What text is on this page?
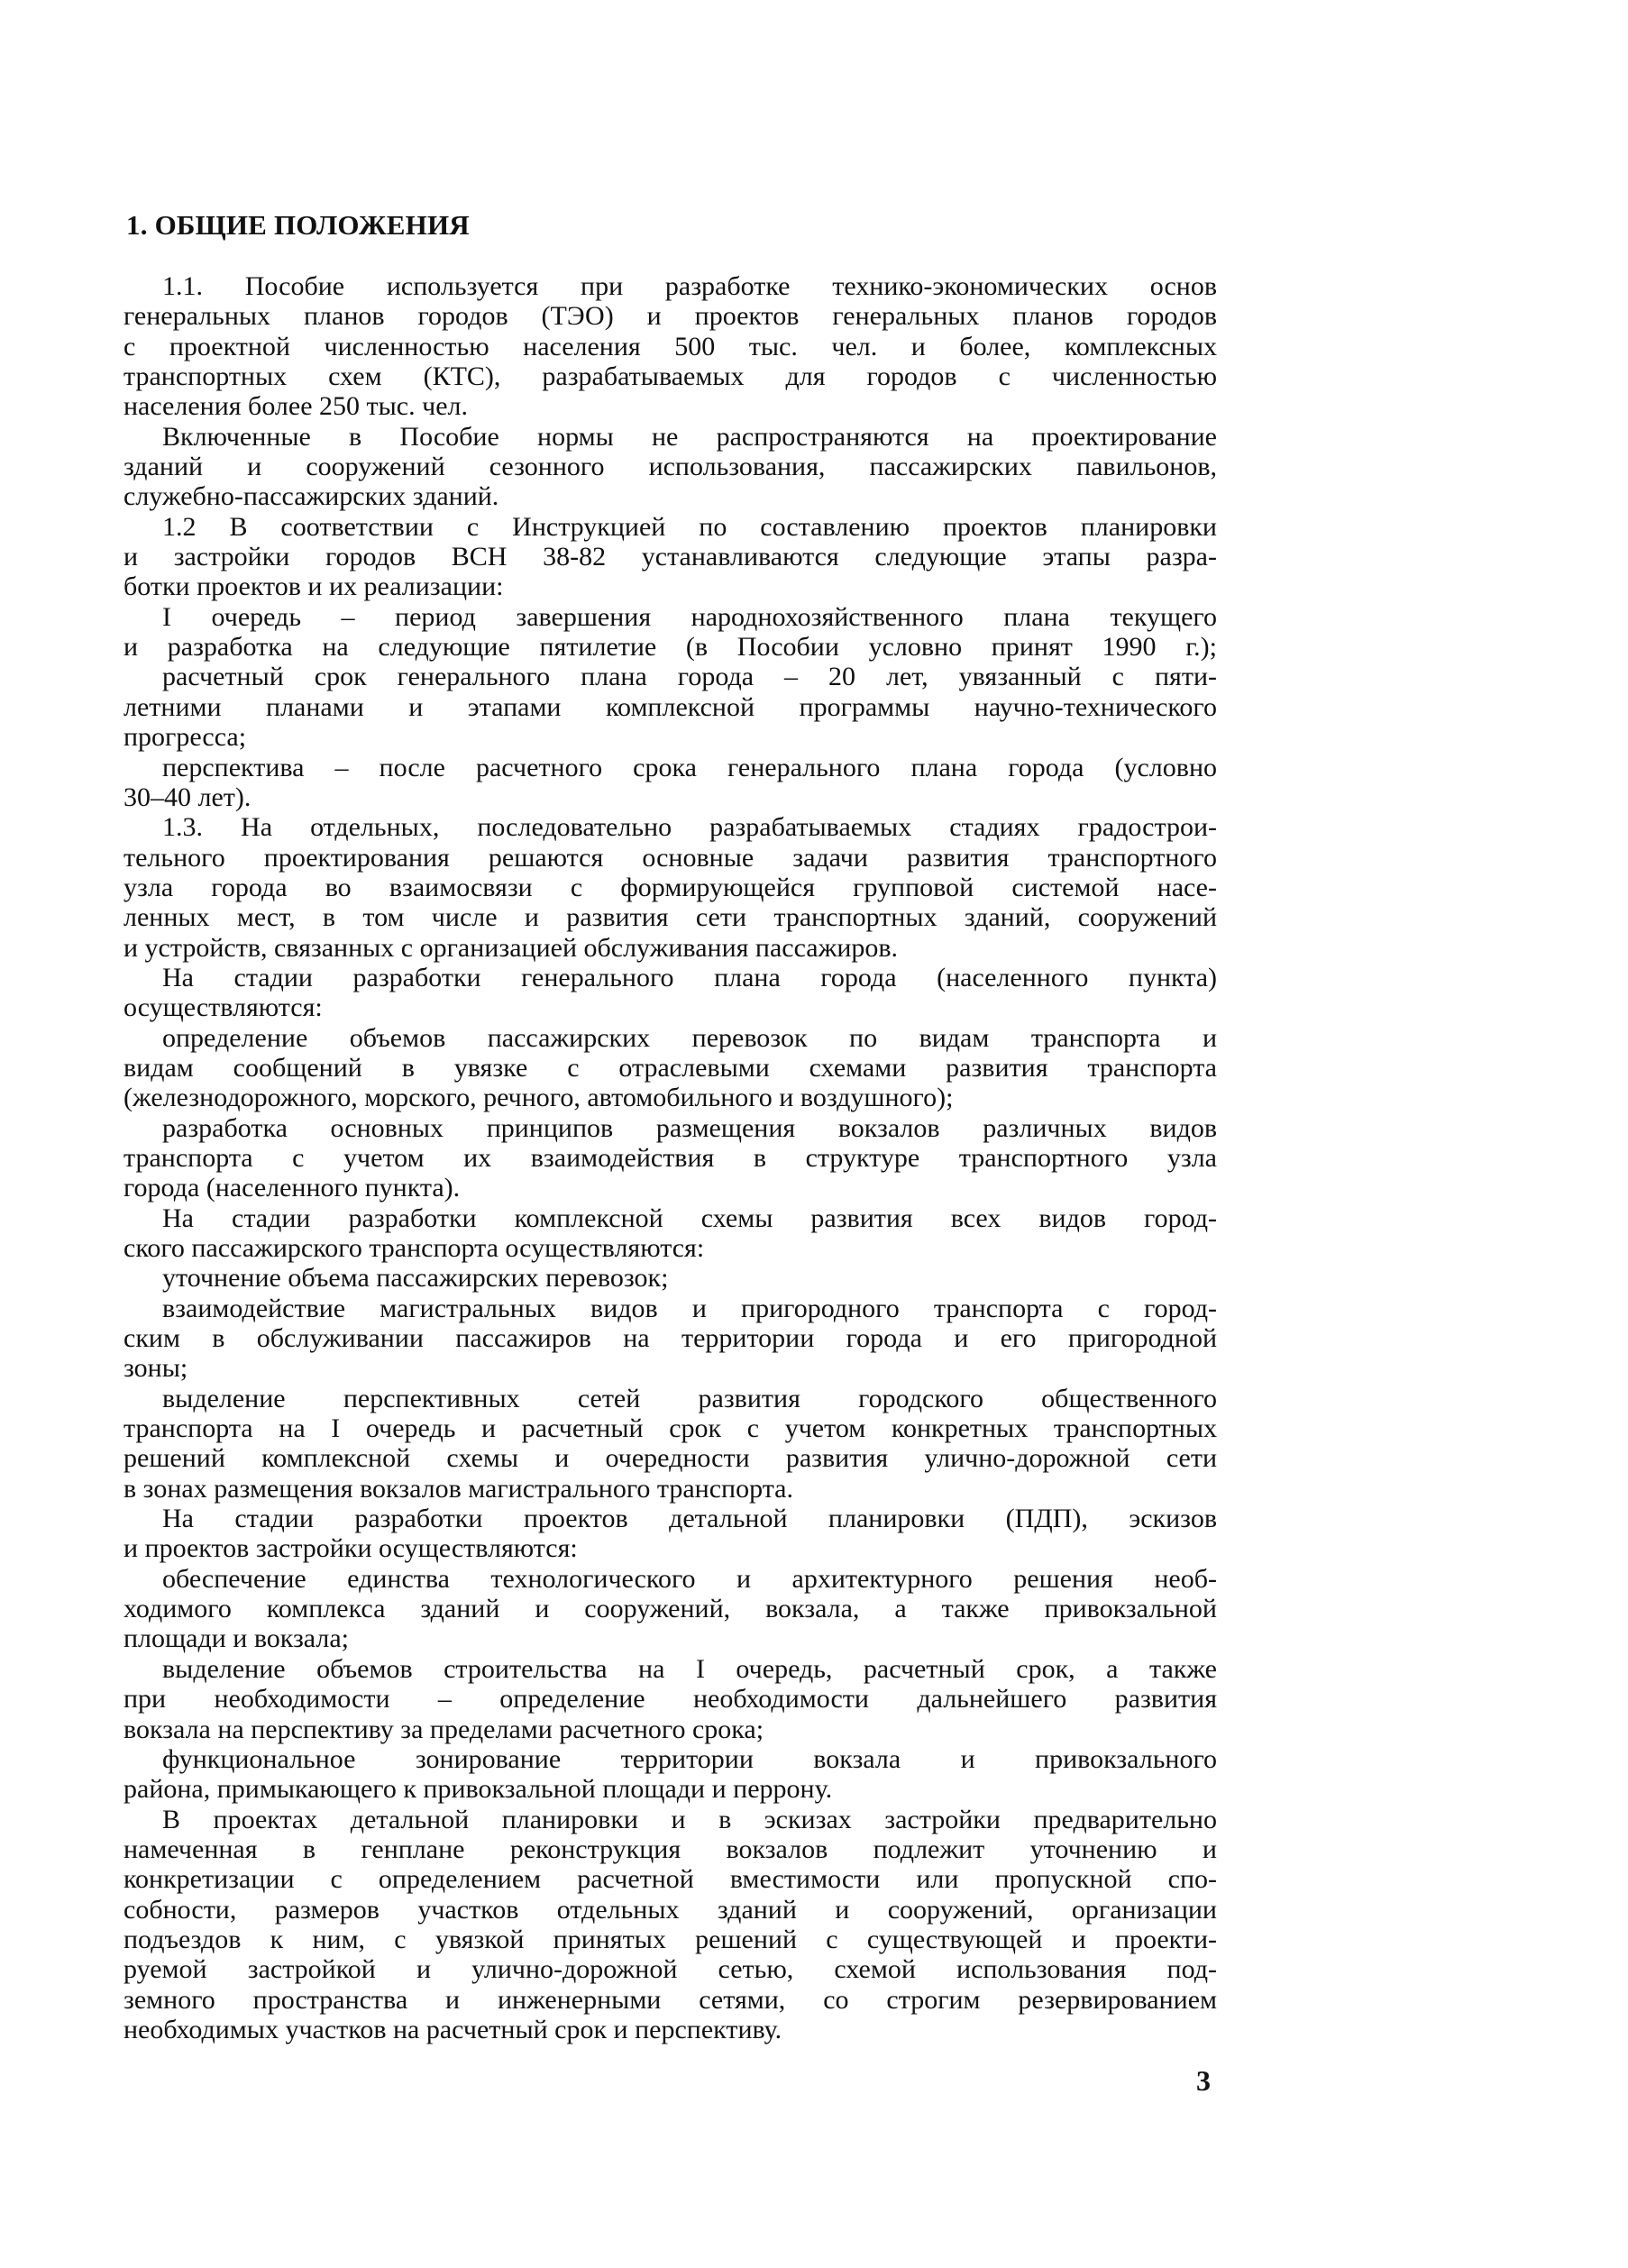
1. ОБЩИЕ ПОЛОЖЕНИЯ
1.1. Пособие используется при разработке технико-экономических основ
генеральных планов городов (ТЭО) и проектов генеральных планов городов
с проектной численностью населения 500 тыс. чел. и более, комплексных
транспортных схем (КТС), разрабатываемых для городов с численностью
населения более 250 тыс. чел.
Включенные в Пособие нормы не распространяются на проектирование
зданий и сооружений сезонного использования, пассажирских павильонов,
служебно-пассажирских зданий.
1.2 В соответствии с Инструкцией по составлению проектов планировки
и застройки городов ВСН 38-82 устанавливаются следующие этапы разра-
ботки проектов и их реализации:
I очередь – период завершения народнохозяйственного плана текущего
и разработка на следующие пятилетие (в Пособии условно принят 1990 г.);
расчетный срок генерального плана города – 20 лет, увязанный с пяти-
летними планами и этапами комплексной программы научно-технического
прогресса;
перспектива – после расчетного срока генерального плана города (условно
30–40 лет).
1.3. На отдельных, последовательно разрабатываемых стадиях градострои-
тельного проектирования решаются основные задачи развития транспортного
узла города во взаимосвязи с формирующейся групповой системой насе-
ленных мест, в том числе и развития сети транспортных зданий, сооружений
и устройств, связанных с организацией обслуживания пассажиров.
На стадии разработки генерального плана города (населенного пункта)
осуществляются:
определение объемов пассажирских перевозок по видам транспорта и
видам сообщений в увязке с отраслевыми схемами развития транспорта
(железнодорожного, морского, речного, автомобильного и воздушного);
разработка основных принципов размещения вокзалов различных видов
транспорта с учетом их взаимодействия в структуре транспортного узла
города (населенного пункта).
На стадии разработки комплексной схемы развития всех видов город-
ского пассажирского транспорта осуществляются:
уточнение объема пассажирских перевозок;
взаимодействие магистральных видов и пригородного транспорта с город-
ским в обслуживании пассажиров на территории города и его пригородной
зоны;
выделение перспективных сетей развития городского общественного
транспорта на I очередь и расчетный срок с учетом конкретных транспортных
решений комплексной схемы и очередности развития улично-дорожной сети
в зонах размещения вокзалов магистрального транспорта.
На стадии разработки проектов детальной планировки (ПДП), эскизов
и проектов застройки осуществляются:
обеспечение единства технологического и архитектурного решения необ-
ходимого комплекса зданий и сооружений, вокзала, а также привокзальной
площади и вокзала;
выделение объемов строительства на I очередь, расчетный срок, а также
при необходимости – определение необходимости дальнейшего развития
вокзала на перспективу за пределами расчетного срока;
функциональное зонирование территории вокзала и привокзального
района, примыкающего к привокзальной площади и перрону.
В проектах детальной планировки и в эскизах застройки предварительно
намеченная в генплане реконструкция вокзалов подлежит уточнению и
конкретизации с определением расчетной вместимости или пропускной спо-
собности, размеров участков отдельных зданий и сооружений, организации
подъездов к ним, с увязкой принятых решений с существующей и проекти-
руемой застройкой и улично-дорожной сетью, схемой использования под-
земного пространства и инженерными сетями, со строгим резервированием
необходимых участков на расчетный срок и перспективу.
3
